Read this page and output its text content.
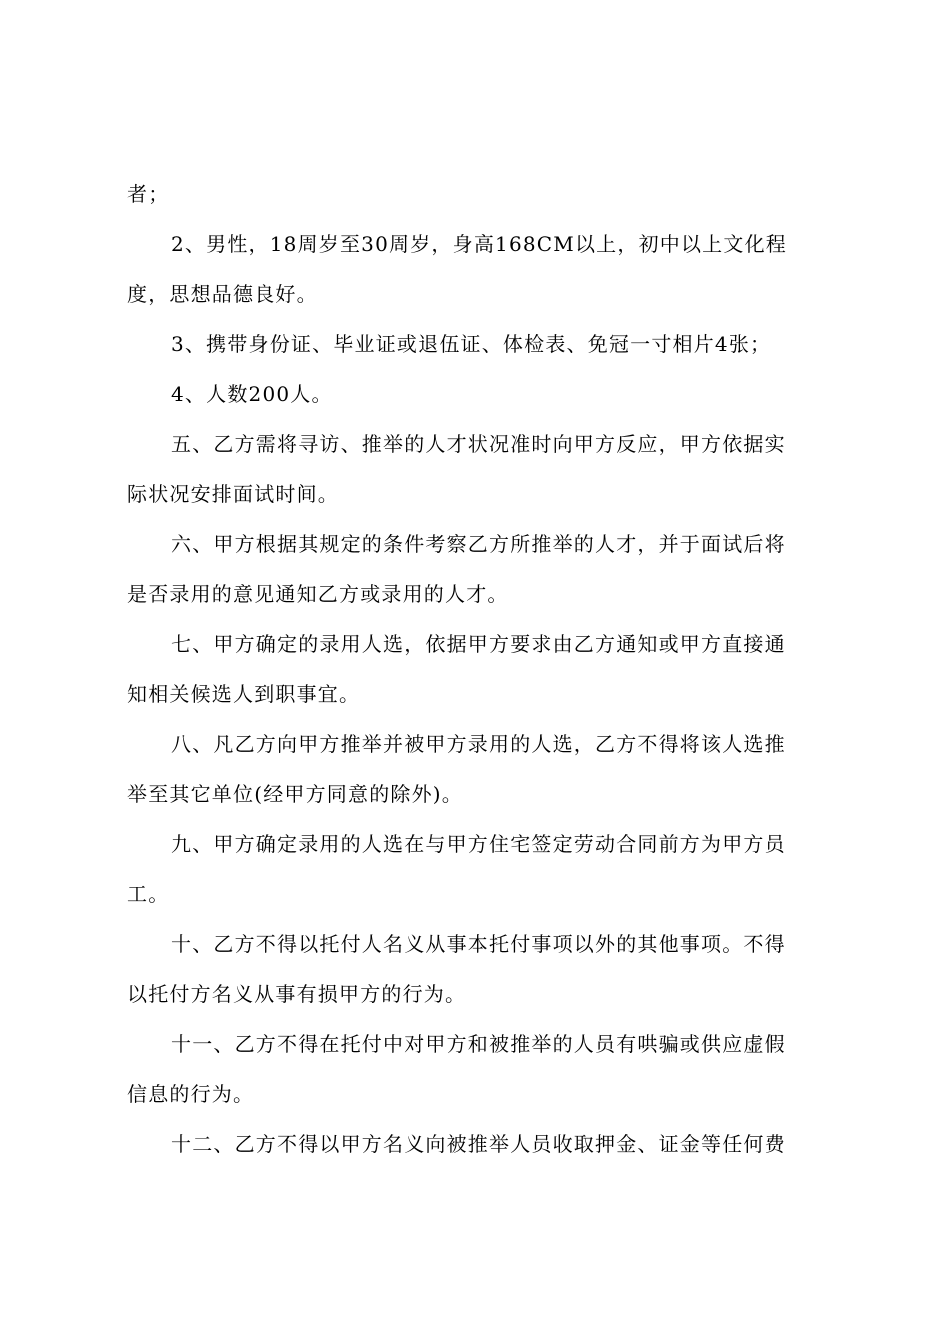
者；
2、男性，18周岁至30周岁，身高168CM以上，初中以上文化程
度，思想品德良好。
3、携带身份证、毕业证或退伍证、体检表、免冠一寸相片4张；
4、人数200人。
五、乙方需将寻访、推举的人才状况准时向甲方反应，甲方依据实
际状况安排面试时间。
六、甲方根据其规定的条件考察乙方所推举的人才，并于面试后将
是否录用的意见通知乙方或录用的人才。
七、甲方确定的录用人选，依据甲方要求由乙方通知或甲方直接通
知相关候选人到职事宜。
八、凡乙方向甲方推举并被甲方录用的人选，乙方不得将该人选推
举至其它单位(经甲方同意的除外)。
九、甲方确定录用的人选在与甲方住宅签定劳动合同前方为甲方员
工。
十、乙方不得以托付人名义从事本托付事项以外的其他事项。不得
以托付方名义从事有损甲方的行为。
十一、乙方不得在托付中对甲方和被推举的人员有哄骗或供应虚假
信息的行为。
十二、乙方不得以甲方名义向被推举人员收取押金、证金等任何费
